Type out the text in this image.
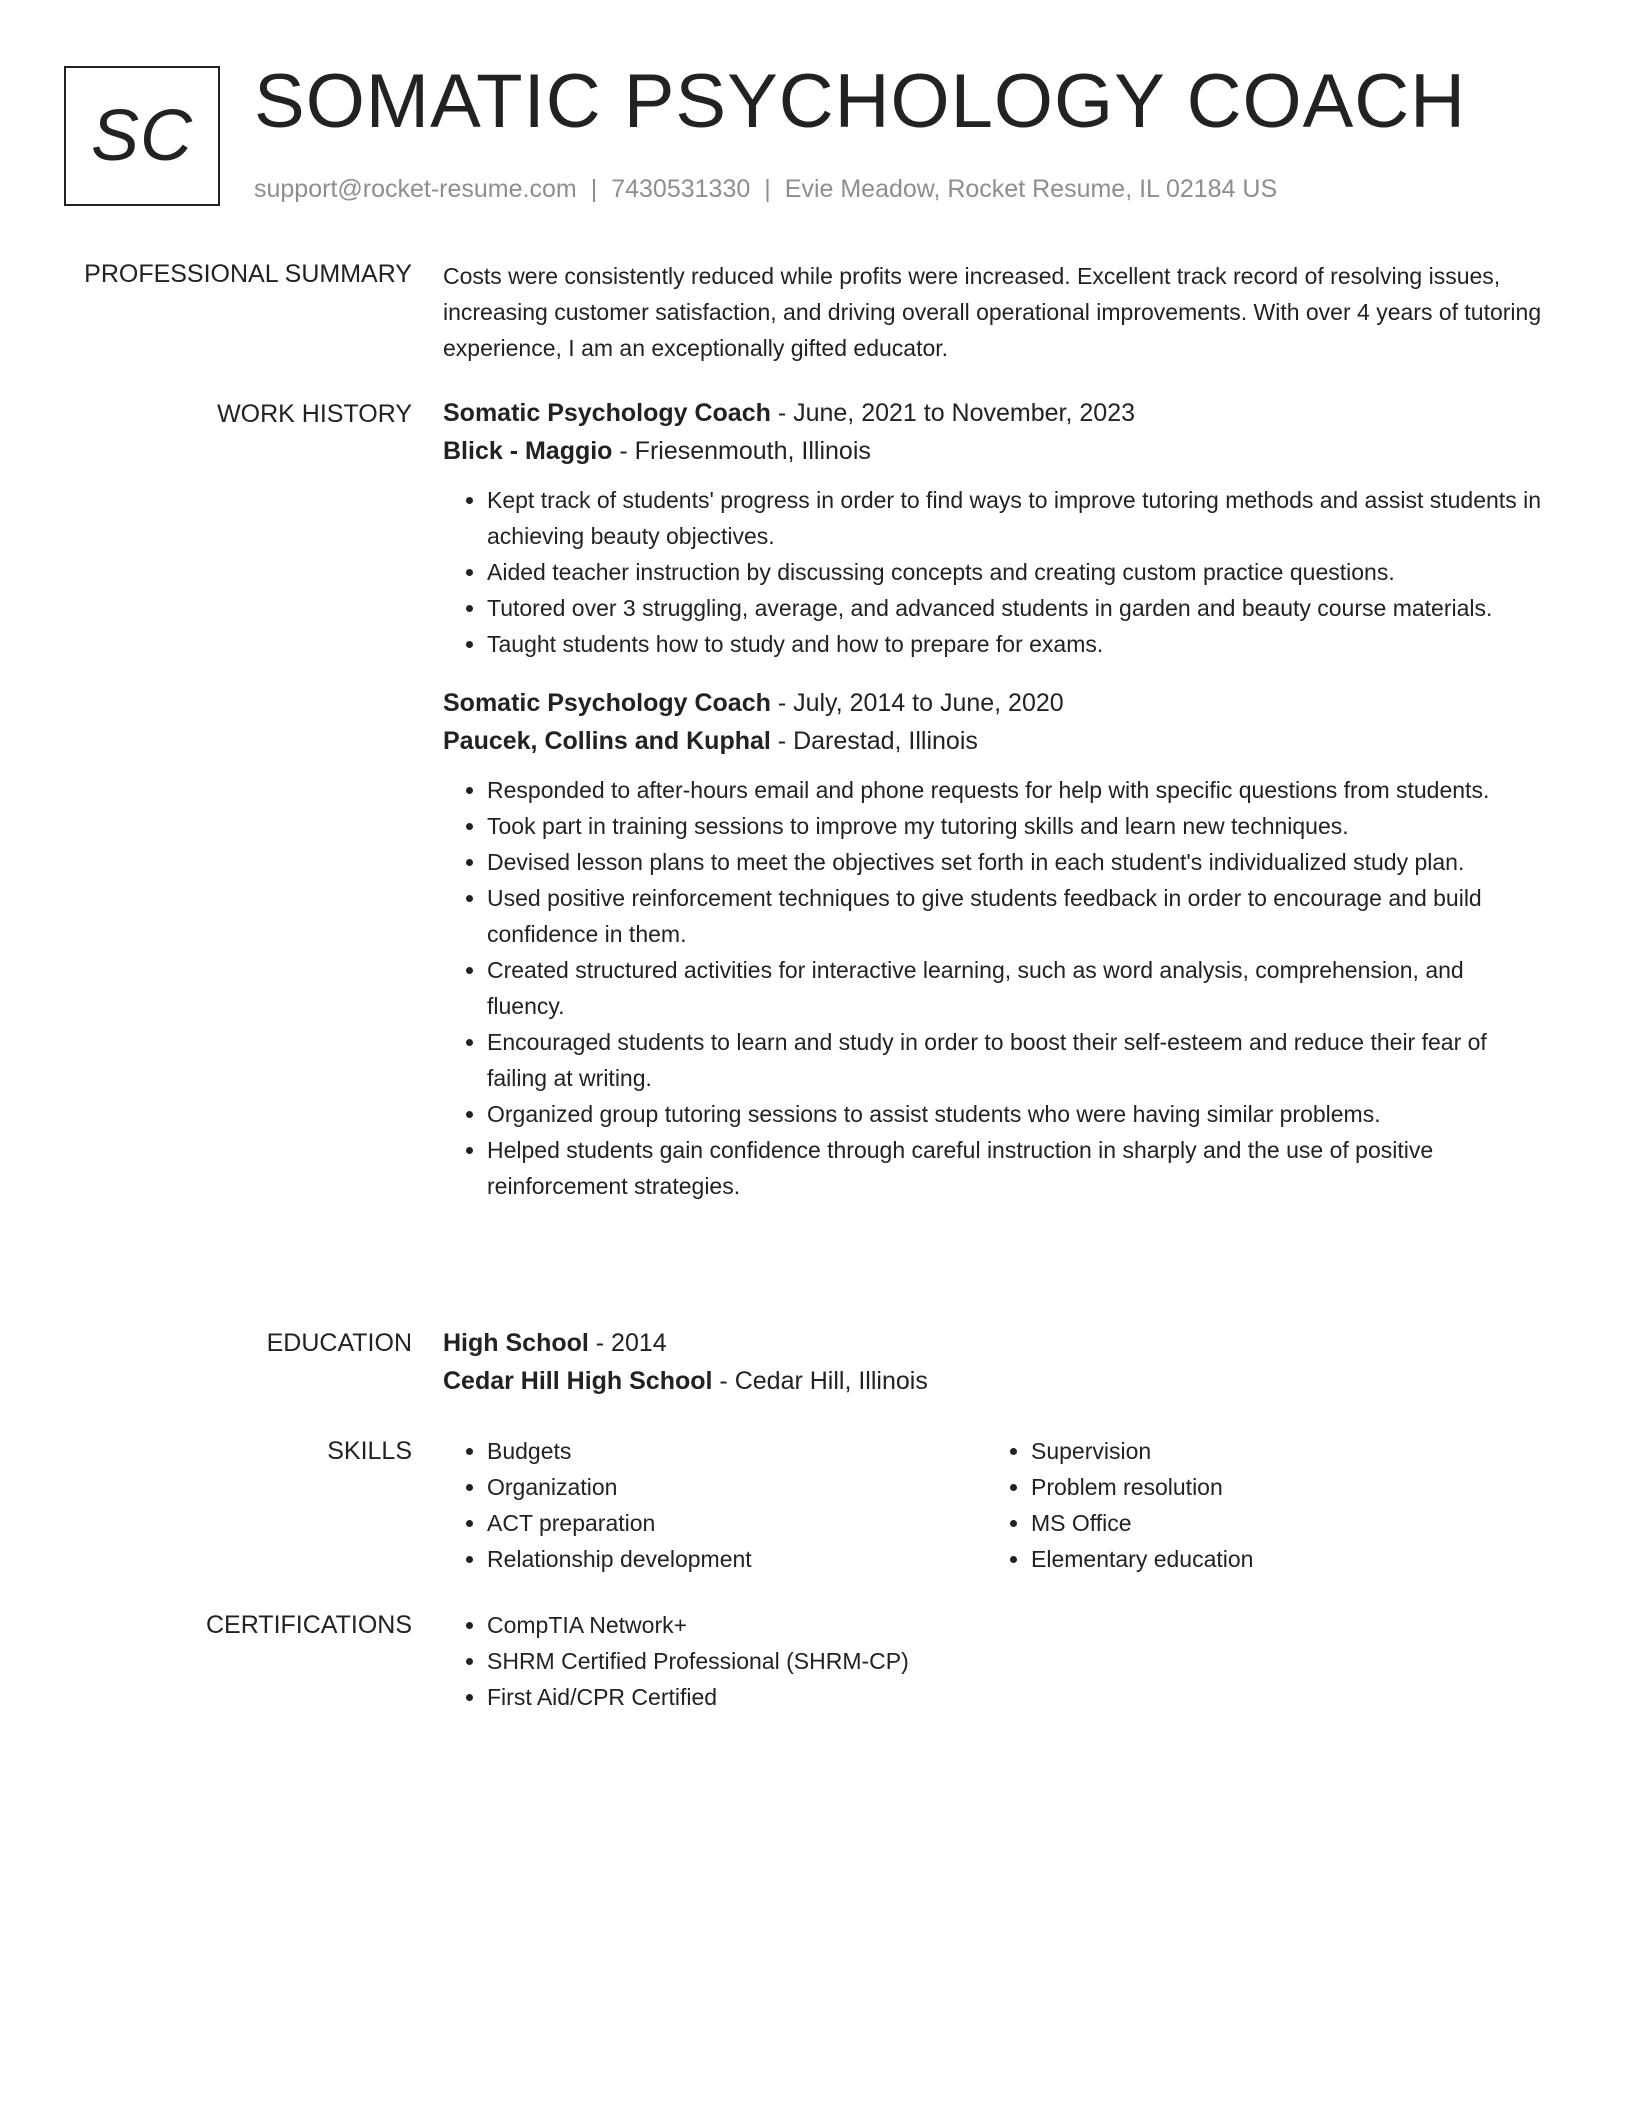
SC SOMATIC PSYCHOLOGY COACH
support@rocket-resume.com | 7430531330 | Evie Meadow, Rocket Resume, IL 02184 US
PROFESSIONAL SUMMARY Costs were consistently reduced while profits were increased. Excellent track record of resolving issues, increasing customer satisfaction, and driving overall operational improvements. With over 4 years of tutoring experience, I am an exceptionally gifted educator.

WORK HISTORY Somatic Psychology Coach - June, 2021 to November, 2023

Blick - Maggio - Friesenmouth, Illinois

• Kept track of students' progress in order to find ways to improve tutoring methods and assist students in achieving beauty objectives.
• Aided teacher instruction by discussing concepts and creating custom practice questions.
• Tutored over 3 struggling, average, and advanced students in garden and beauty course materials.
• Taught students how to study and how to prepare for exams.

Somatic Psychology Coach - July, 2014 to June, 2020

Paucek, Collins and Kuphal - Darestad, Illinois

• Responded to after-hours email and phone requests for help with specific questions from students.
• Took part in training sessions to improve my tutoring skills and learn new techniques.
• Devised lesson plans to meet the objectives set forth in each student's individualized study plan.
• Used positive reinforcement techniques to give students feedback in order to encourage and build confidence in them.
• Created structured activities for interactive learning, such as word analysis, comprehension, and fluency.
• Encouraged students to learn and study in order to boost their self-esteem and reduce their fear of failing at writing.
• Organized group tutoring sessions to assist students who were having similar problems.
• Helped students gain confidence through careful instruction in sharply and the use of positive reinforcement strategies.
EDUCATION High School - 2014

Cedar Hill High School - Cedar Hill, Illinois

SKILLS	• Budgets
• Organization
• ACT preparation
• Relationship development
• Supervision
• Problem resolution
• MS Office
• Elementary education
CERTIFICATIONS	• CompTIA Network+
• SHRM Certified Professional (SHRM-CP)
• First Aid/CPR Certified
